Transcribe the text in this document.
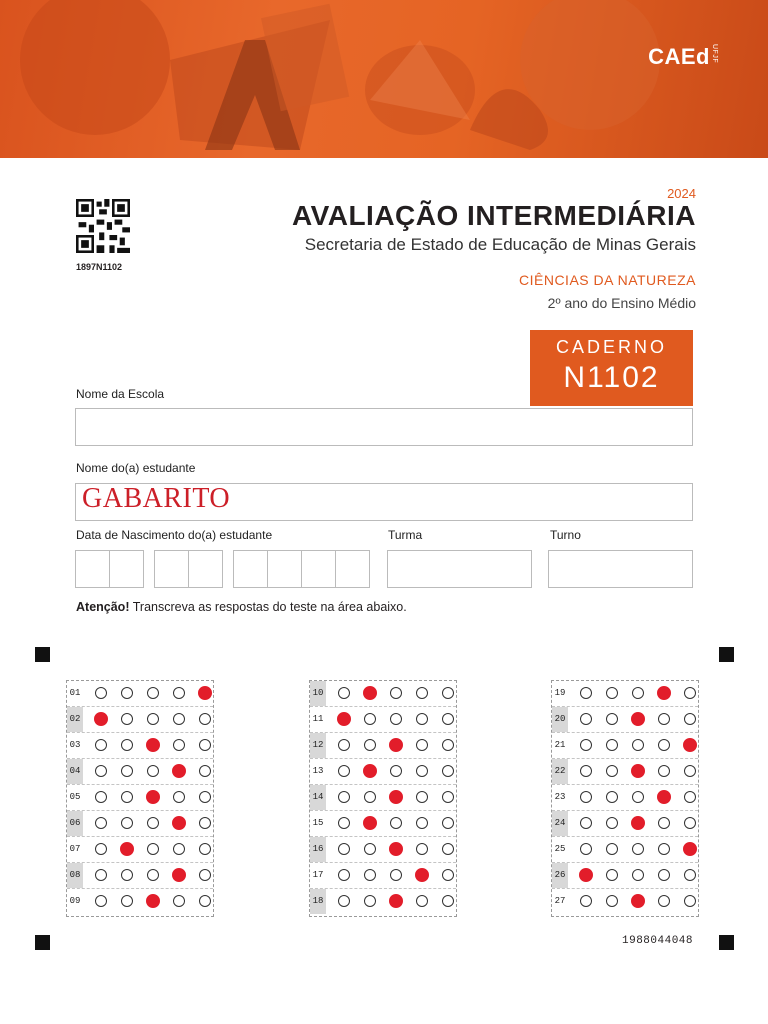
CAEdUFJF
1897N1102
2024
AVALIAÇÃO INTERMEDIÁRIA
Secretaria de Estado de Educação de Minas Gerais
CIÊNCIAS DA NATUREZA
2º ano do Ensino Médio
CADERNO
N1102
Nome da Escola
Nome do(a) estudante
GABARITO
Data de Nascimento do(a) estudante	Turma	Turno
Atenção! Transcreva as respostas do teste na área abaixo.
01
02
03
04
05
06
07
08
09
10
11
12
13
14
15
16
17
18
19
20
21
22
23
24
25
26
27
1988044048
